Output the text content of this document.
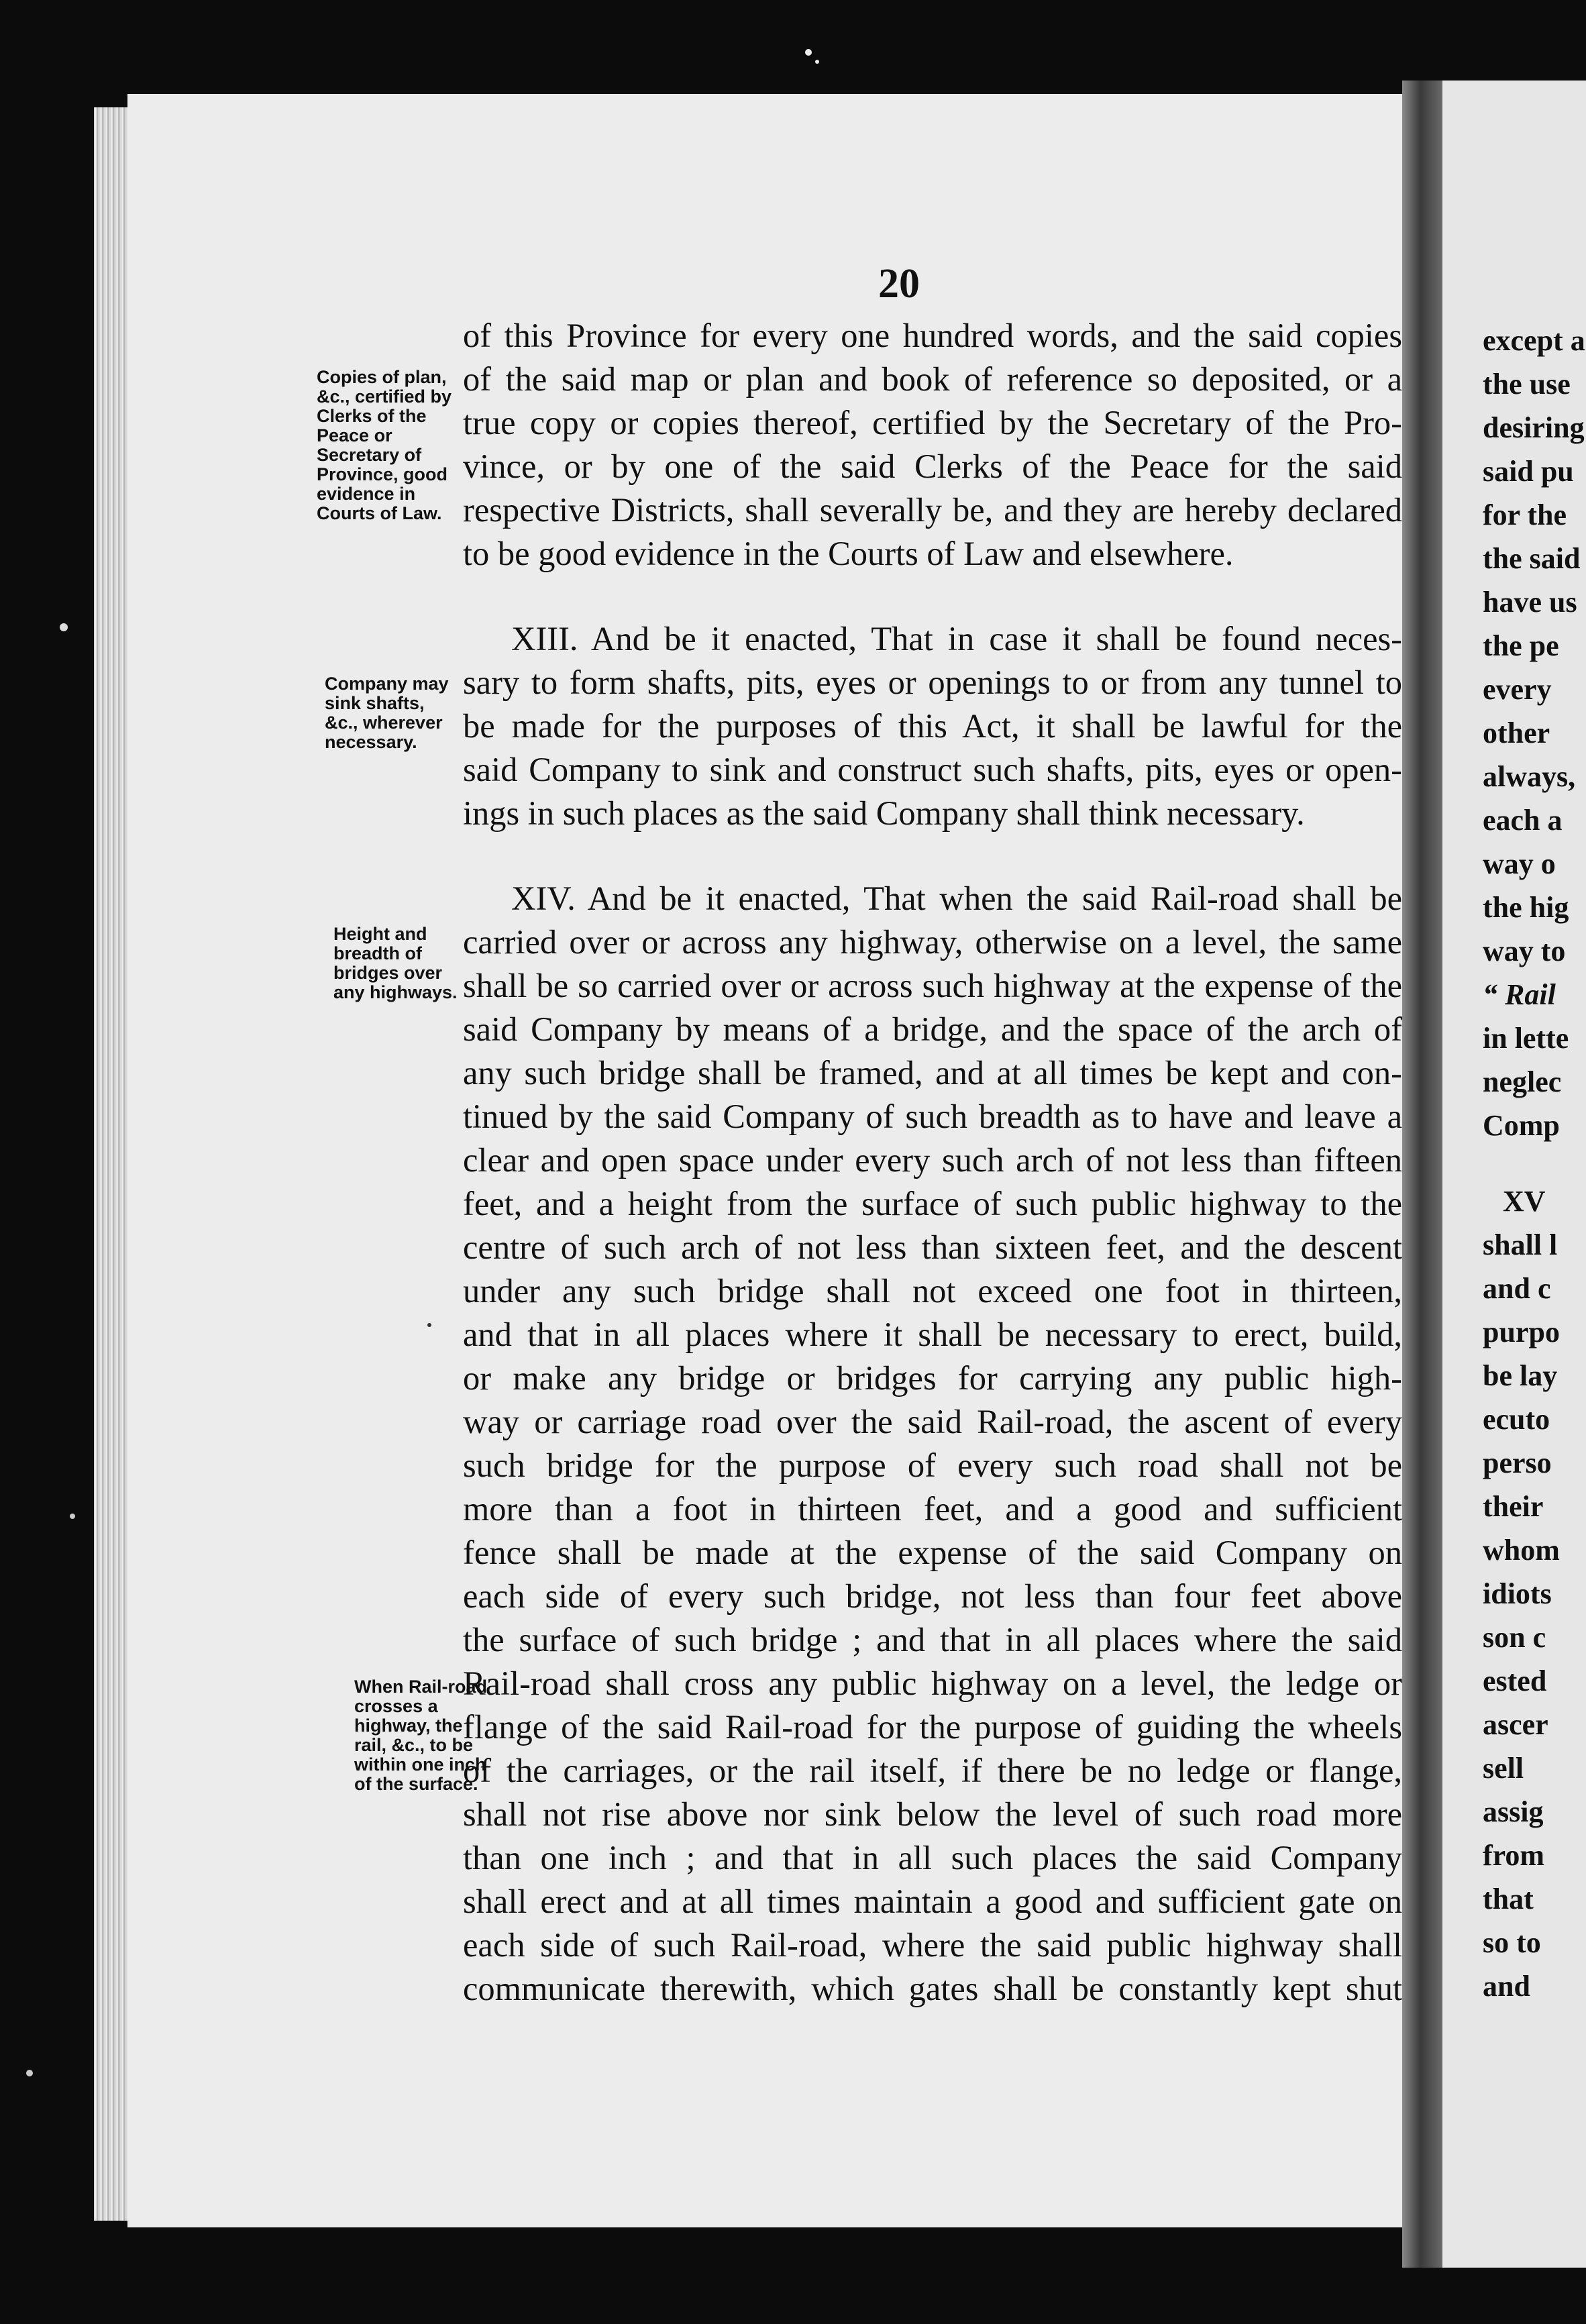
20
Copies of plan, &c., certified by Clerks of the Peace or Secretary of Province, good evidence in Courts of Law.
Company may sink shafts, &c., wherever necessary.
Height and breadth of bridges over any highways.
When Rail-road crosses a highway, the rail, &c., to be within one inch of the surface.
of this Province for every one hundred words, and the said copies
of the said map or plan and book of reference so deposited, or a
true copy or copies thereof, certified by the Secretary of the Pro-
vince, or by one of the said Clerks of the Peace for the said
respective Districts, shall severally be, and they are hereby declared
to be good evidence in the Courts of Law and elsewhere.
XIII. And be it enacted, That in case it shall be found neces-
sary to form shafts, pits, eyes or openings to or from any tunnel to
be made for the purposes of this Act, it shall be lawful for the
said Company to sink and construct such shafts, pits, eyes or open-
ings in such places as the said Company shall think necessary.
XIV. And be it enacted, That when the said Rail-road shall be
carried over or across any highway, otherwise on a level, the same
shall be so carried over or across such highway at the expense of the
said Company by means of a bridge, and the space of the arch of
any such bridge shall be framed, and at all times be kept and con-
tinued by the said Company of such breadth as to have and leave a
clear and open space under every such arch of not less than fifteen
feet, and a height from the surface of such public highway to the
centre of such arch of not less than sixteen feet, and the descent
under any such bridge shall not exceed one foot in thirteen,
and that in all places where it shall be necessary to erect, build,
or make any bridge or bridges for carrying any public high-
way or carriage road over the said Rail-road, the ascent of every
such bridge for the purpose of every such road shall not be
more than a foot in thirteen feet, and a good and sufficient
fence shall be made at the expense of the said Company on
each side of every such bridge, not less than four feet above
the surface of such bridge ; and that in all places where the said
Rail-road shall cross any public highway on a level, the ledge or
flange of the said Rail-road for the purpose of guiding the wheels
of the carriages, or the rail itself, if there be no ledge or flange,
shall not rise above nor sink below the level of such road more
than one inch ; and that in all such places the said Company
shall erect and at all times maintain a good and sufficient gate on
each side of such Rail-road, where the said public highway shall
communicate therewith, which gates shall be constantly kept shut
except a
the use
desiring
said pu
for the
the said
have us
the pe
every
other
always,
each a
way o
the hig
way to
“ Rail
in lette
neglec
Comp
XV
shall l
and c
purpo
be lay
ecuto
perso
their
whom
idiots
son c
ested
ascer
sell
assig
from
that
so to
and
